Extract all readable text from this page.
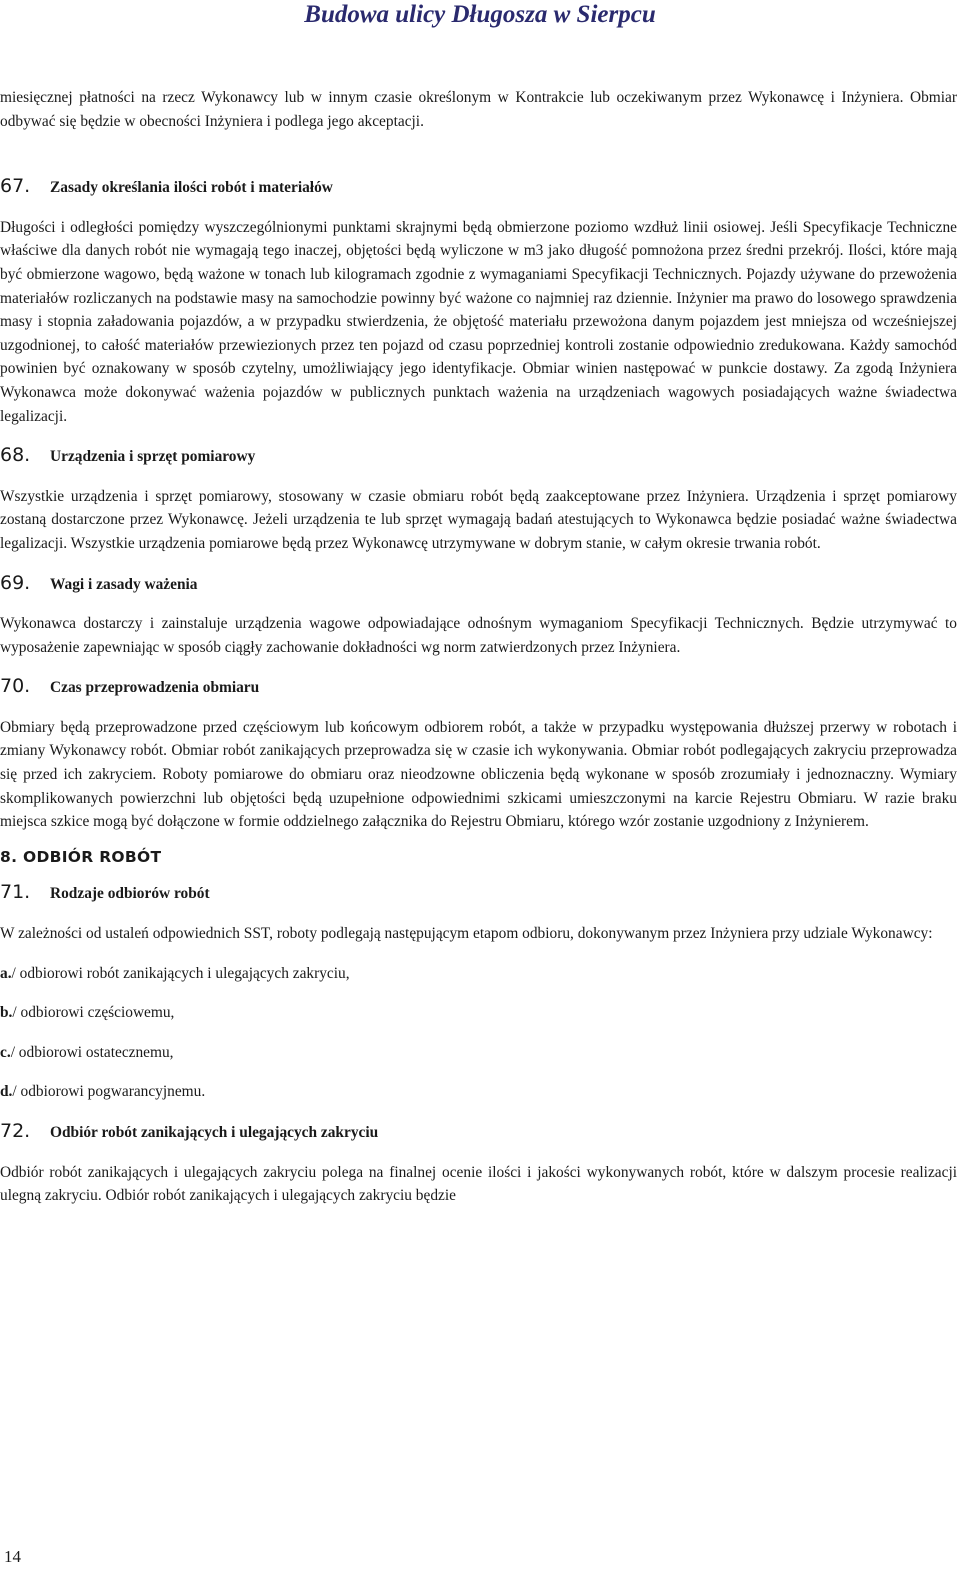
Budowa ulicy Długosza w Sierpcu

miesięcznej płatności na rzecz Wykonawcy lub w innym czasie określonym w Kontrakcie lub oczekiwanym przez Wykonawcę i Inżyniera. Obmiar odbywać się będzie w obecności Inżyniera i podlega jego akceptacji.

67.	Zasady określania ilości robót i materiałów

Długości i odległości pomiędzy wyszczególnionymi punktami skrajnymi będą obmierzone poziomo wzdłuż linii osiowej. Jeśli Specyfikacje Techniczne właściwe dla danych robót nie wymagają tego inaczej, objętości będą wyliczone w m3 jako długość pomnożona przez średni przekrój. Ilości, które mają być obmierzone wagowo, będą ważone w tonach lub kilogramach zgodnie z wymaganiami Specyfikacji Technicznych. Pojazdy używane do przewożenia materiałów rozliczanych na podstawie masy na samochodzie powinny być ważone co najmniej raz dziennie. Inżynier ma prawo do losowego sprawdzenia masy i stopnia załadowania pojazdów, a w przypadku stwierdzenia, że objętość materiału przewożona danym pojazdem jest mniejsza od wcześniejszej uzgodnionej, to całość materiałów przewiezionych przez ten pojazd od czasu poprzedniej kontroli zostanie odpowiednio zredukowana. Każdy samochód powinien być oznakowany w sposób czytelny, umożliwiający jego identyfikacje. Obmiar winien następować w punkcie dostawy. Za zgodą Inżyniera Wykonawca może dokonywać ważenia pojazdów w publicznych punktach ważenia na urządzeniach wagowych posiadających ważne świadectwa legalizacji.

68.	Urządzenia i sprzęt pomiarowy

Wszystkie urządzenia i sprzęt pomiarowy, stosowany w czasie obmiaru robót będą zaakceptowane przez Inżyniera. Urządzenia i sprzęt pomiarowy zostaną dostarczone przez Wykonawcę. Jeżeli urządzenia te lub sprzęt wymagają badań atestujących to Wykonawca będzie posiadać ważne świadectwa legalizacji. Wszystkie urządzenia pomiarowe będą przez Wykonawcę utrzymywane w dobrym stanie, w całym okresie trwania robót.

69.	Wagi i zasady ważenia

Wykonawca dostarczy i zainstaluje urządzenia wagowe odpowiadające odnośnym wymaganiom Specyfikacji Technicznych. Będzie utrzymywać to wyposażenie zapewniając w sposób ciągły zachowanie dokładności wg norm zatwierdzonych przez Inżyniera.

70.	Czas przeprowadzenia obmiaru

Obmiary będą przeprowadzone przed częściowym lub końcowym odbiorem robót, a także w przypadku występowania dłuższej przerwy w robotach i zmiany Wykonawcy robót. Obmiar robót zanikających przeprowadza się w czasie ich wykonywania. Obmiar robót podlegających zakryciu przeprowadza się przed ich zakryciem. Roboty pomiarowe do obmiaru oraz nieodzowne obliczenia będą wykonane w sposób zrozumiały i jednoznaczny. Wymiary skomplikowanych powierzchni lub objętości będą uzupełnione odpowiednimi szkicami umieszczonymi na karcie Rejestru Obmiaru. W razie braku miejsca szkice mogą być dołączone w formie oddzielnego załącznika do Rejestru Obmiaru, którego wzór zostanie uzgodniony z Inżynierem.

8. ODBIÓR ROBÓT
71.	Rodzaje odbiorów robót

W zależności od ustaleń odpowiednich SST, roboty podlegają następującym etapom odbioru, dokonywanym przez Inżyniera przy udziale Wykonawcy:

a./ odbiorowi robót zanikających i ulegających zakryciu,

b./ odbiorowi częściowemu,

c./ odbiorowi ostatecznemu,

d./ odbiorowi pogwarancyjnemu.

72.	Odbiór robót zanikających i ulegających zakryciu

Odbiór robót zanikających i ulegających zakryciu polega na finalnej ocenie ilości i jakości wykonywanych robót, które w dalszym procesie realizacji ulegną zakryciu. Odbiór robót zanikających i ulegających zakryciu będzie

14
